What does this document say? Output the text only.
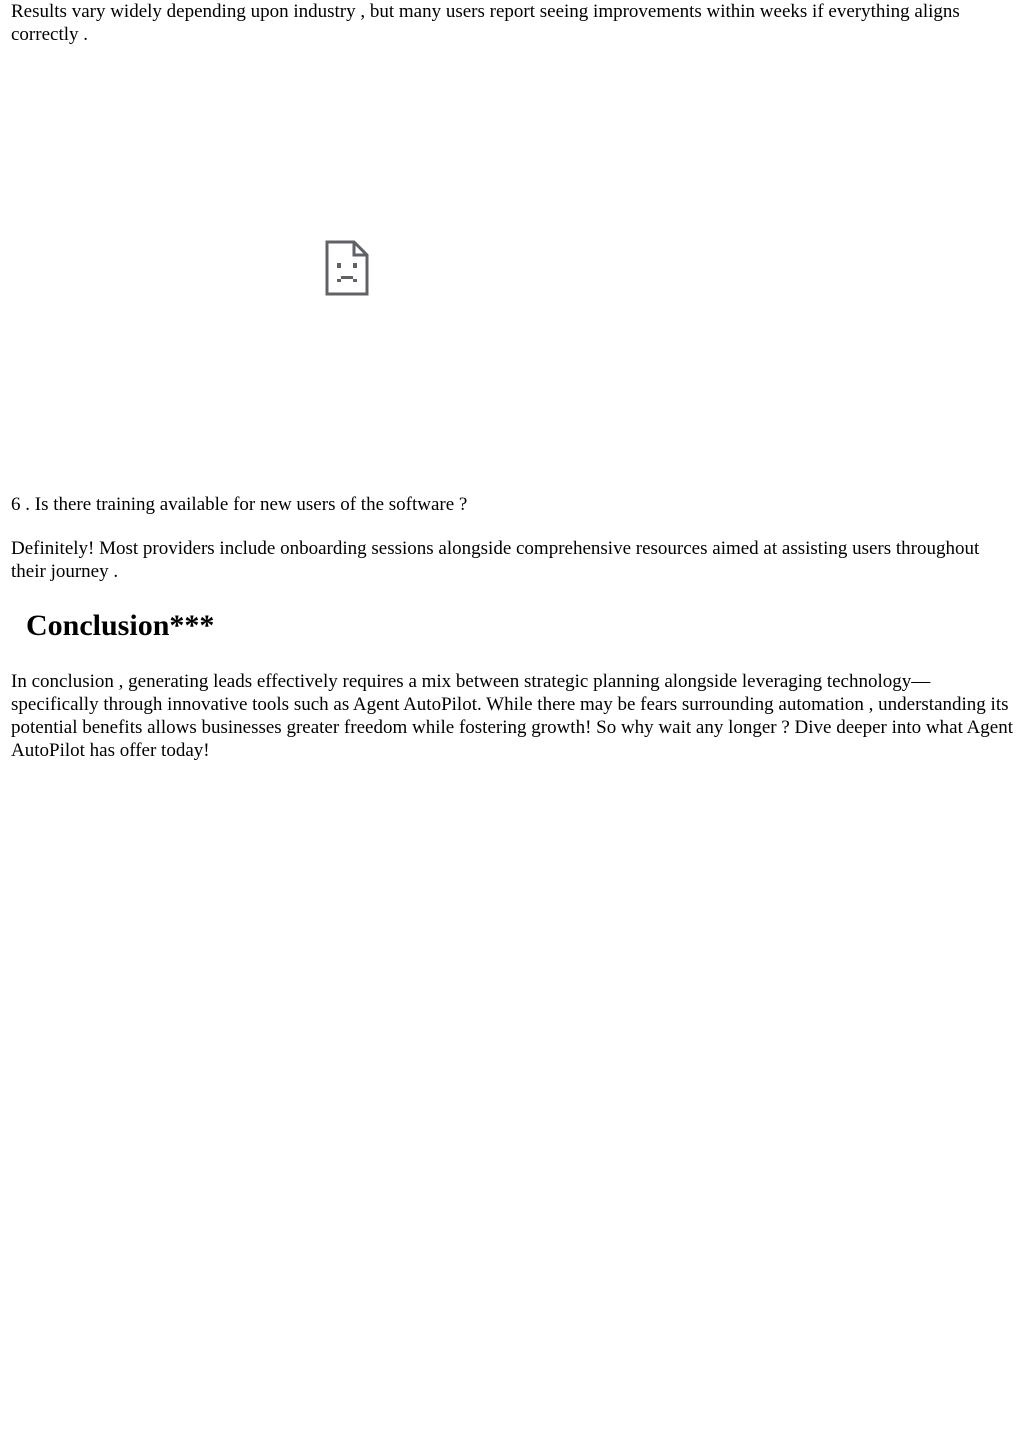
Results vary widely depending upon industry , but many users report seeing improvements within weeks if everything aligns correctly .

6 . Is there training available for new users of the software ?

Definitely! Most providers include onboarding sessions alongside comprehensive resources aimed at assisting users throughout their journey .

Conclusion***

In conclusion , generating leads effectively requires a mix between strategic planning alongside leveraging technology—specifically through innovative tools such as Agent AutoPilot. While there may be fears surrounding automation , understanding its potential benefits allows businesses greater freedom while fostering growth! So why wait any longer ? Dive deeper into what Agent AutoPilot has offer today!
